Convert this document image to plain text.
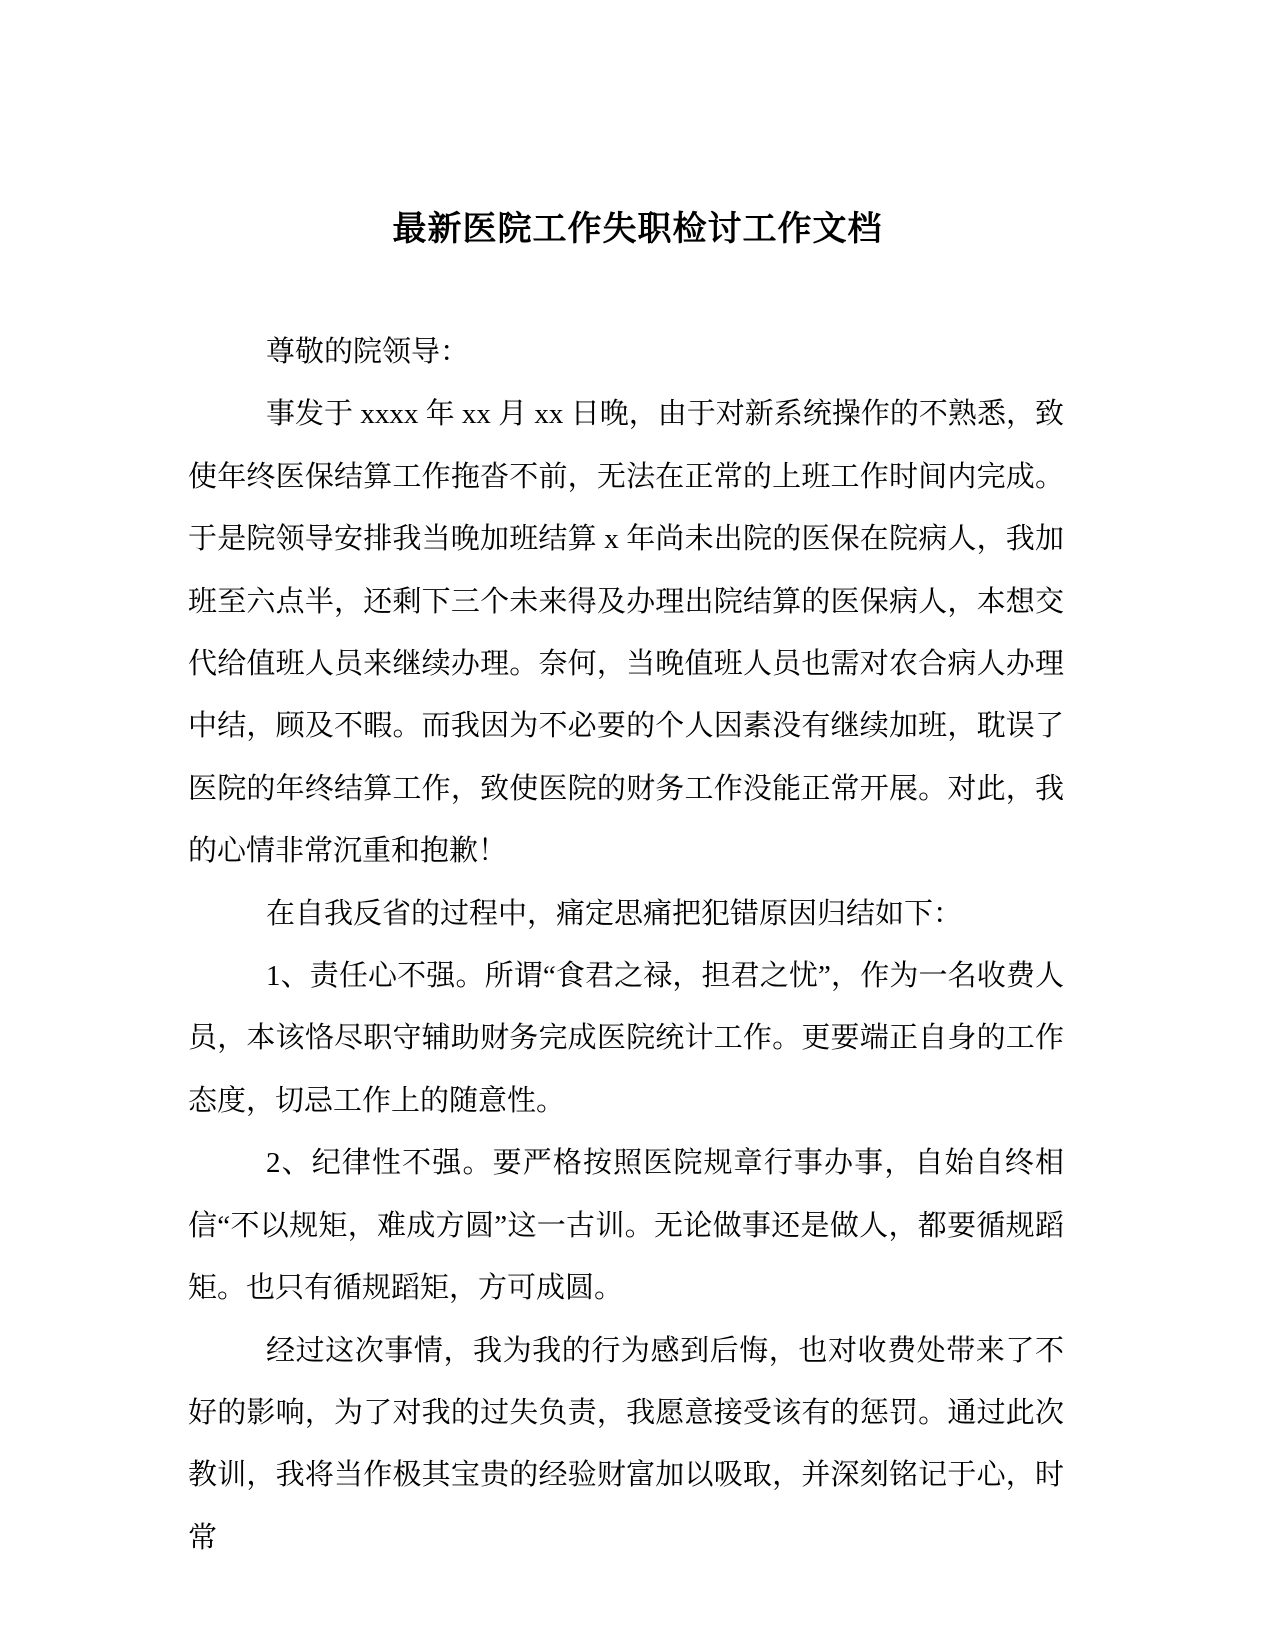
最新医院工作失职检讨工作文档

尊敬的院领导：

事发于 xxxx 年 xx 月 xx 日晚，由于对新系统操作的不熟悉，致使年终医保结算工作拖沓不前，无法在正常的上班工作时间内完成。于是院领导安排我当晚加班结算 x 年尚未出院的医保在院病人，我加班至六点半，还剩下三个未来得及办理出院结算的医保病人，本想交代给值班人员来继续办理。奈何，当晚值班人员也需对农合病人办理中结，顾及不暇。而我因为不必要的个人因素没有继续加班，耽误了医院的年终结算工作，致使医院的财务工作没能正常开展。对此，我的心情非常沉重和抱歉！

在自我反省的过程中，痛定思痛把犯错原因归结如下：

1、责任心不强。所谓“食君之禄，担君之忧”，作为一名收费人员，本该恪尽职守辅助财务完成医院统计工作。更要端正自身的工作态度，切忌工作上的随意性。

2、纪律性不强。要严格按照医院规章行事办事，自始自终相信“不以规矩，难成方圆”这一古训。无论做事还是做人，都要循规蹈矩。也只有循规蹈矩，方可成圆。

经过这次事情，我为我的行为感到后悔，也对收费处带来了不好的影响，为了对我的过失负责，我愿意接受该有的惩罚。通过此次教训，我将当作极其宝贵的经验财富加以吸取，并深刻铭记于心，时常
